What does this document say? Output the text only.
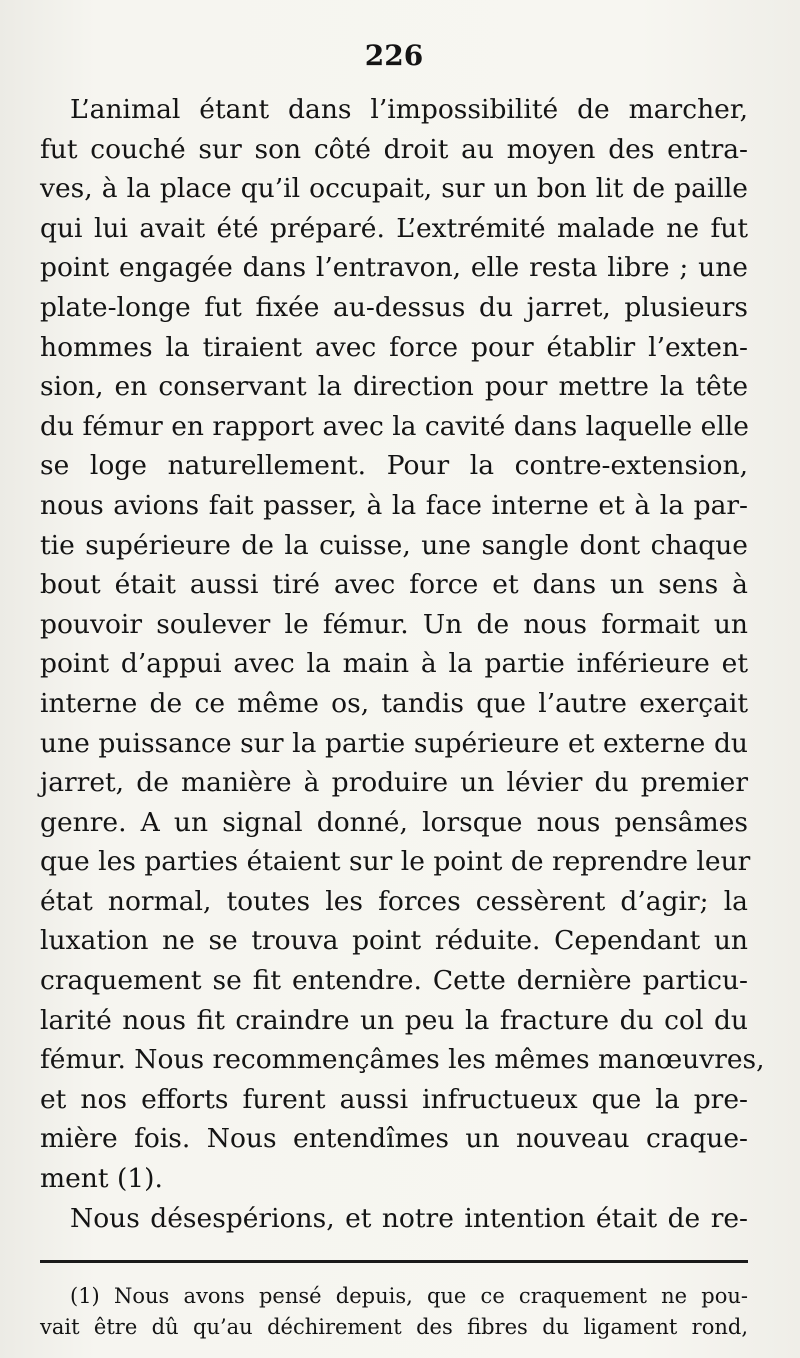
226
L’animal étant dans l’impossibilité de marcher,
fut couché sur son côté droit au moyen des entra-
ves, à la place qu’il occupait, sur un bon lit de paille
qui lui avait été préparé. L’extrémité malade ne fut
point engagée dans l’entravon, elle resta libre ; une
plate-longe fut fixée au-dessus du jarret, plusieurs
hommes la tiraient avec force pour établir l’exten-
sion, en conservant la direction pour mettre la tête
du fémur en rapport avec la cavité dans laquelle elle
se loge naturellement. Pour la contre-extension,
nous avions fait passer, à la face interne et à la par-
tie supérieure de la cuisse, une sangle dont chaque
bout était aussi tiré avec force et dans un sens à
pouvoir soulever le fémur. Un de nous formait un
point d’appui avec la main à la partie inférieure et
interne de ce même os, tandis que l’autre exerçait
une puissance sur la partie supérieure et externe du
jarret, de manière à produire un lévier du premier
genre. A un signal donné, lorsque nous pensâmes
que les parties étaient sur le point de reprendre leur
état normal, toutes les forces cessèrent d’agir; la
luxation ne se trouva point réduite. Cependant un
craquement se fit entendre. Cette dernière particu-
larité nous fit craindre un peu la fracture du col du
fémur. Nous recommençâmes les mêmes manœuvres,
et nos efforts furent aussi infructueux que la pre-
mière fois. Nous entendîmes un nouveau craque-
ment (1).
Nous désespérions, et notre intention était de re-
(1) Nous avons pensé depuis, que ce craquement ne pou-
vait être dû qu’au déchirement des fibres du ligament rond,
